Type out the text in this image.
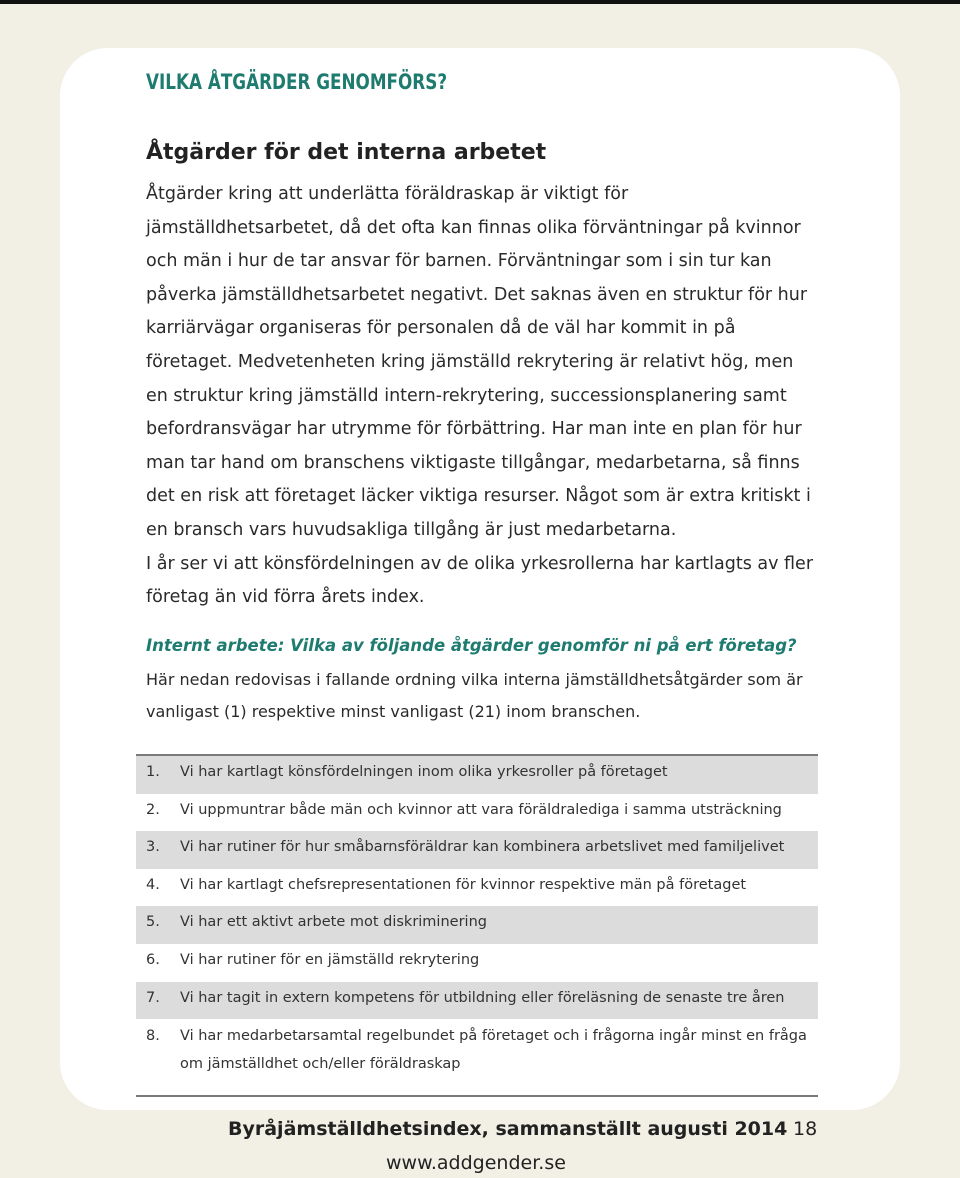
VILKA ÅTGÄRDER GENOMFÖRS?
Åtgärder för det interna arbetet

Åtgärder kring att underlätta föräldraskap är viktigt för jämställdhetsarbetet, då det ofta kan finnas olika förväntningar på kvinnor och män i hur de tar ansvar för barnen. Förväntningar som i sin tur kan påverka jämställdhetsarbetet negativt. Det saknas även en struktur för hur karriärvägar organiseras för personalen då de väl har kommit in på företaget. Medvetenheten kring jämställd rekrytering är relativt hög, men en struktur kring jämställd intern-rekrytering, successionsplanering samt befordransvägar har utrymme för förbättring. Har man inte en plan för hur man tar hand om branschens viktigaste tillgångar, medarbetarna, så finns det en risk att företaget läcker viktiga resurser. Något som är extra kritiskt i en bransch vars huvudsakliga tillgång är just medarbetarna.

I år ser vi att könsfördelningen av de olika yrkesrollerna har kartlagts av fler företag än vid förra årets index.

Internt arbete: Vilka av följande åtgärder genomför ni på ert företag?
Här nedan redovisas i fallande ordning vilka interna jämställdhetsåtgärder som är vanligast (1) respektive minst vanligast (21) inom branschen.
1.	Vi har kartlagt könsfördelningen inom olika yrkesroller på företaget
2.	Vi uppmuntrar både män och kvinnor att vara föräldralediga i samma utsträckning
3.	Vi har rutiner för hur småbarnsföräldrar kan kombinera arbetslivet med familjelivet
4.	Vi har kartlagt chefsrepresentationen för kvinnor respektive män på företaget
5.	Vi har ett aktivt arbete mot diskriminering
6.	Vi har rutiner för en jämställd rekrytering
7.	Vi har tagit in extern kompetens för utbildning eller föreläsning de senaste tre åren
8.	Vi har medarbetarsamtal regelbundet på företaget och i frågorna ingår minst en fråga om jämställdhet och/eller föräldraskap
Byråjämställdhetsindex, sammanställt augusti 2014 18
www.addgender.se
